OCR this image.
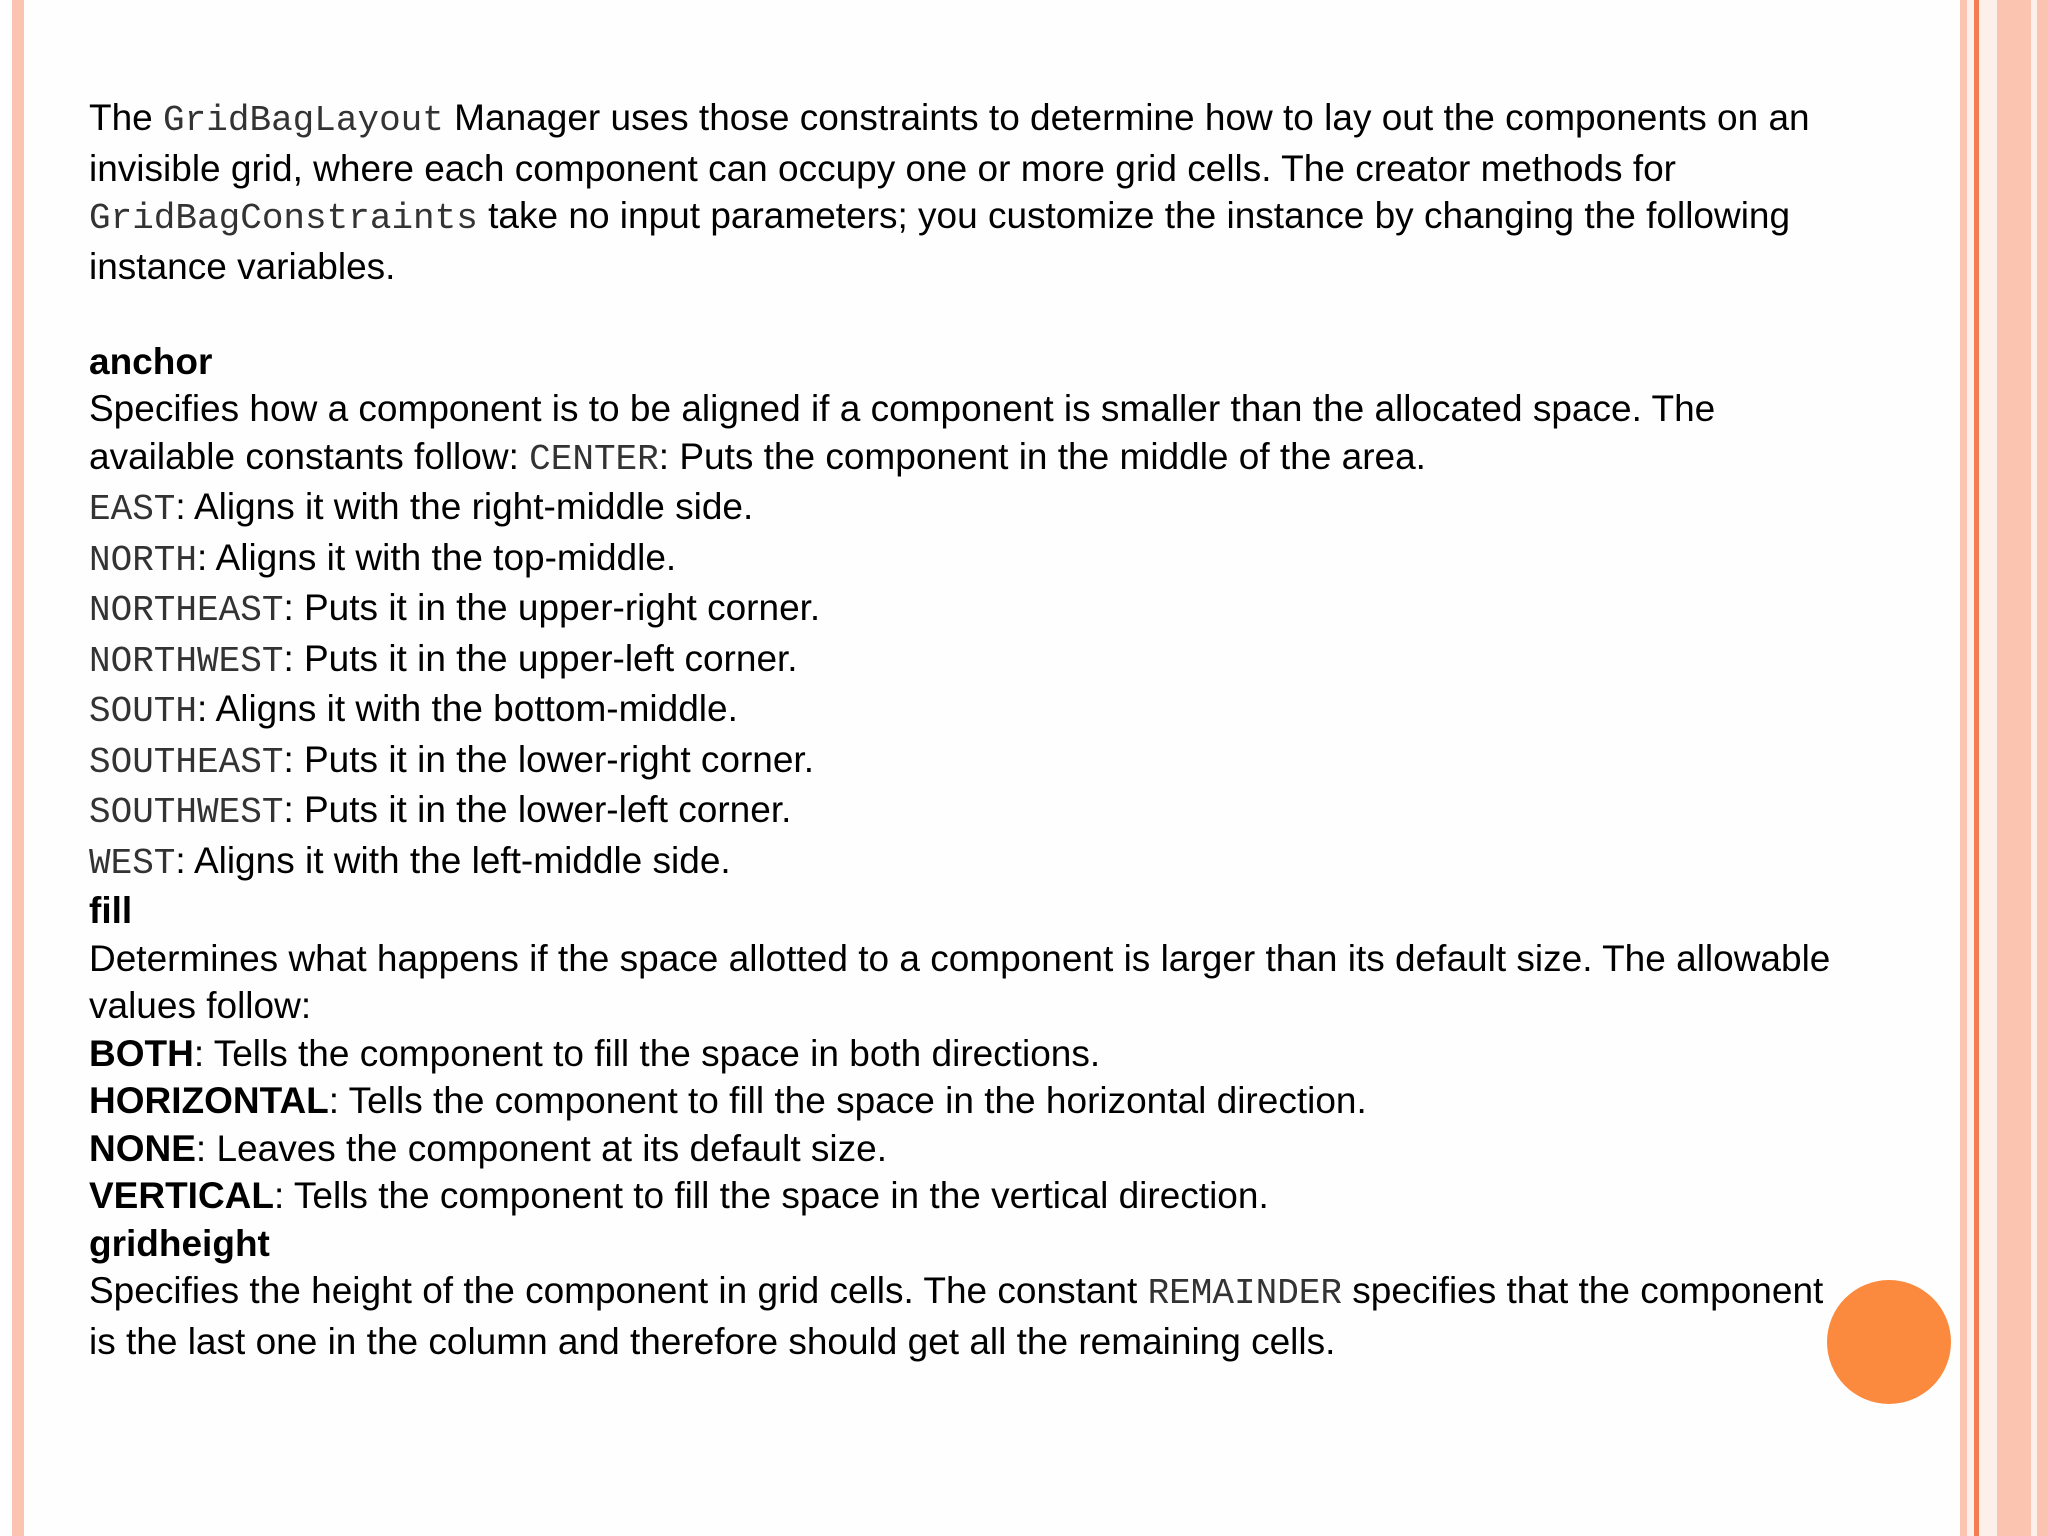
The GridBagLayout Manager uses those constraints to determine how to lay out the components on an
invisible grid, where each component can occupy one or more grid cells. The creator methods for
GridBagConstraints take no input parameters; you customize the instance by changing the following
instance variables.
anchor
Specifies how a component is to be aligned if a component is smaller than the allocated space. The
available constants follow: CENTER: Puts the component in the middle of the area.
EAST: Aligns it with the right-middle side.
NORTH: Aligns it with the top-middle.
NORTHEAST: Puts it in the upper-right corner.
NORTHWEST: Puts it in the upper-left corner.
SOUTH: Aligns it with the bottom-middle.
SOUTHEAST: Puts it in the lower-right corner.
SOUTHWEST: Puts it in the lower-left corner.
WEST: Aligns it with the left-middle side.
fill
Determines what happens if the space allotted to a component is larger than its default size. The allowable
values follow:
BOTH: Tells the component to fill the space in both directions.
HORIZONTAL: Tells the component to fill the space in the horizontal direction.
NONE: Leaves the component at its default size.
VERTICAL: Tells the component to fill the space in the vertical direction.
gridheight
Specifies the height of the component in grid cells. The constant REMAINDER specifies that the component
is the last one in the column and therefore should get all the remaining cells.
